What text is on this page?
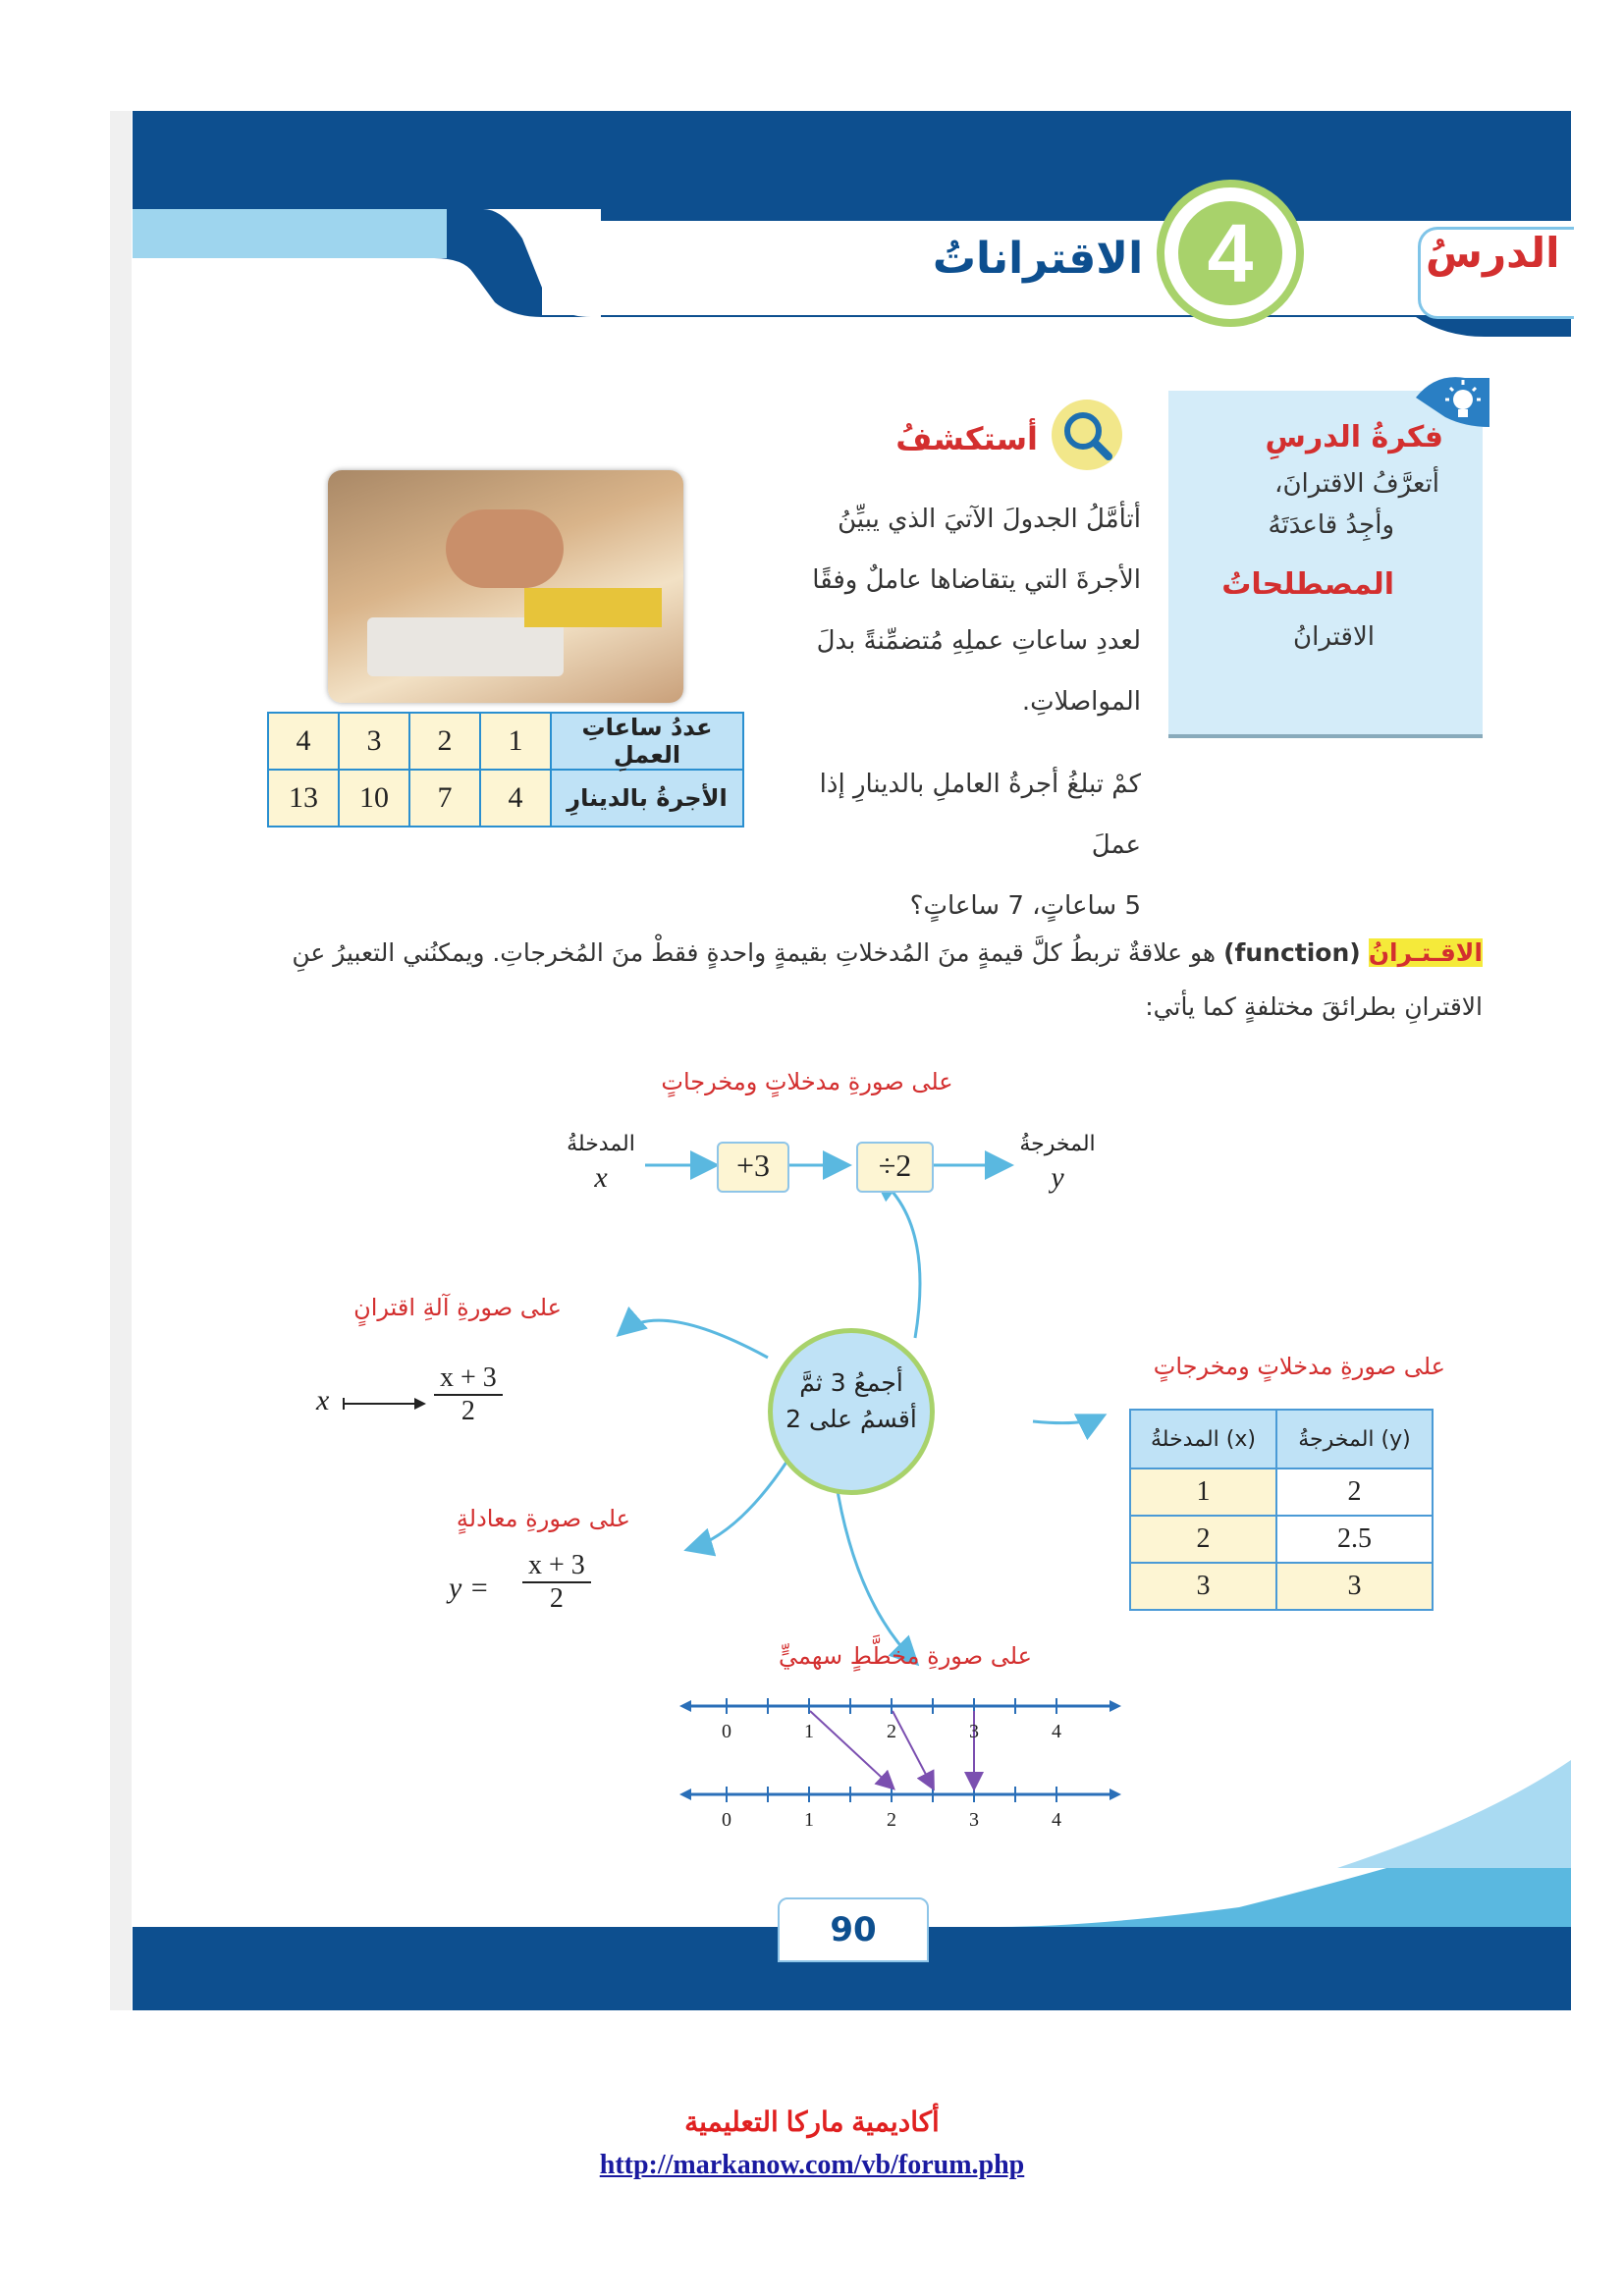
الدرسُ
4
الاقتراناتُ
فكرةُ الدرسِ
أتعرَّفُ الاقترانَ،
وأجِدُ قاعدَتَهُ
المصطلحاتُ
الاقترانُ
أستكشفُ
أتأمَّلُ الجدولَ الآتيَ الذي يبيِّنُ
الأجرةَ التي يتقاضاها عاملٌ وفقًا
لعددِ ساعاتِ عملِهِ مُتضمِّنةً بدلَ
المواصلاتِ.
كمْ تبلغُ أجرةُ العاملِ بالدينارِ إذا عملَ
5 ساعاتٍ، 7 ساعاتٍ؟
4	3	2	1	عددُ ساعاتِ العملِ
13	10	7	4	الأجرةُ بالدينارِ
الاقـتـرانُ (function) هو علاقةٌ تربطُ كلَّ قيمةٍ منَ المُدخلاتِ بقيمةٍ واحدةٍ فقطْ منَ المُخرجاتِ. ويمكنُني التعبيرُ عنِ
الاقترانِ بطرائقَ مختلفةٍ كما يأتي:
أجمعُ 3 ثمَّ
أقسمُ على 2
على صورةِ مدخلاتٍ ومخرجاتٍ
المدخلةُ
x	+3	÷2
المخرجةُ
y
على صورةِ آلةِ اقترانٍ
x	$\frac{x + 3}{2}$
على صورةِ معادلةٍ
$y = \frac{x + 3}{2}$
على صورةِ مدخلاتٍ ومخرجاتٍ
المدخلةُ (x)	المخرجةُ (y)
1	2
2	2.5
3	3
على صورةِ مخطَّطٍ سهميٍّ
0	1	2	3	4
0	1	2	3	4
90
أكاديمية ماركا التعليمية
http://markanow.com/vb/forum.php
